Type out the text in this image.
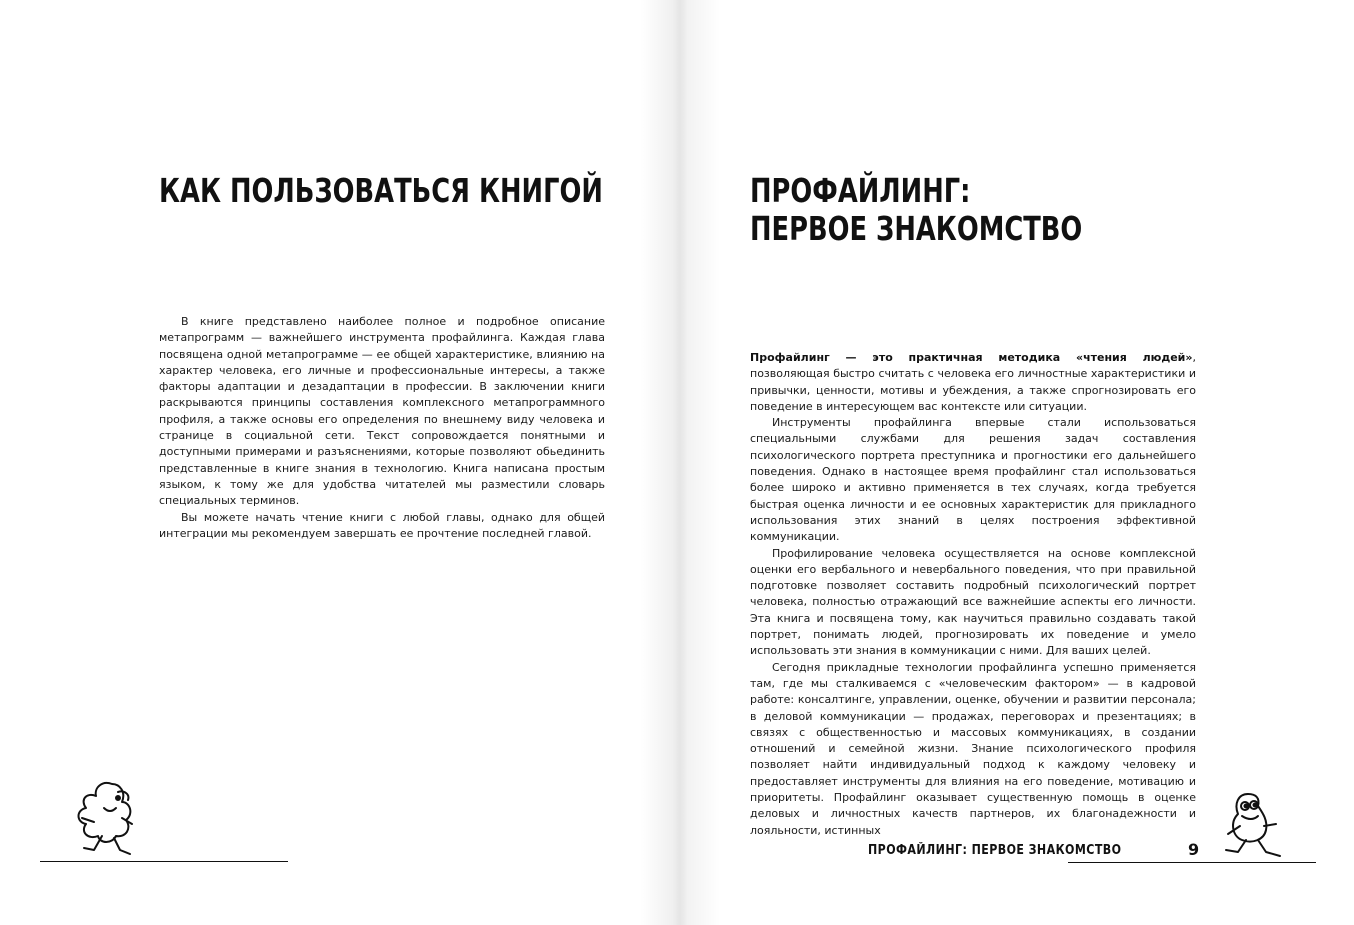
КАК ПОЛЬЗОВАТЬСЯ КНИГОЙ

В книге представлено наиболее полное и подробное описание метапрограмм — важнейшего инструмента профайлинга. Каждая глава посвящена одной метапрограмме — ее общей характеристике, влиянию на характер человека, его личные и профессиональные интересы, а также факторы адаптации и дезадаптации в профессии. В заключении книги раскрываются принципы составления комплексного метапрограммного профиля, а также основы его определения по внешнему виду человека и странице в социальной сети. Текст сопровождается понятными и доступными примерами и разъяснениями, которые позволяют обьединить представленные в книге знания в технологию. Книга написана простым языком, к тому же для удобства читателей мы разместили словарь специальных терминов.

Вы можете начать чтение книги с любой главы, однако для общей интеграции мы рекомендуем завершать ее прочтение последней главой.

ПРОФАЙЛИНГ:
ПЕРВОЕ ЗНАКОМСТВО

Профайлинг — это практичная методика «чтения людей», позволяющая быстро считать с человека его личностные характеристики и привычки, ценности, мотивы и убеждения, а также спрогнозировать его поведение в интересующем вас контексте или ситуации.

Инструменты профайлинга впервые стали использоваться специальными службами для решения задач составления психологического портрета преступника и прогностики его дальнейшего поведения. Однако в настоящее время профайлинг стал использоваться более широко и активно применяется в тех случаях, когда требуется быстрая оценка личности и ее основных характеристик для прикладного использования этих знаний в целях построения эффективной коммуникации.

Профилирование человека осуществляется на основе комплексной оценки его вербального и невербального поведения, что при правильной подготовке позволяет составить подробный психологический портрет человека, полностью отражающий все важнейшие аспекты его личности. Эта книга и посвящена тому, как научиться правильно создавать такой портрет, понимать людей, прогнозировать их поведение и умело использовать эти знания в коммуникации с ними. Для ваших целей.

Сегодня прикладные технологии профайлинга успешно применяется там, где мы сталкиваемся с «человеческим фактором» — в кадровой работе: консалтинге, управлении, оценке, обучении и развитии персонала; в деловой коммуникации — продажах, переговорах и презентациях; в связях с общественностью и массовых коммуникациях, в создании отношений и семейной жизни. Знание психологического профиля позволяет найти индивидуальный подход к каждому человеку и предоставляет инструменты для влияния на его поведение, мотивацию и приоритеты. Профайлинг оказывает существенную помощь в оценке деловых и личностных качеств партнеров, их благонадежности и лояльности, истинных

ПРОФАЙЛИНГ: ПЕРВОЕ ЗНАКОМСТВО	9
